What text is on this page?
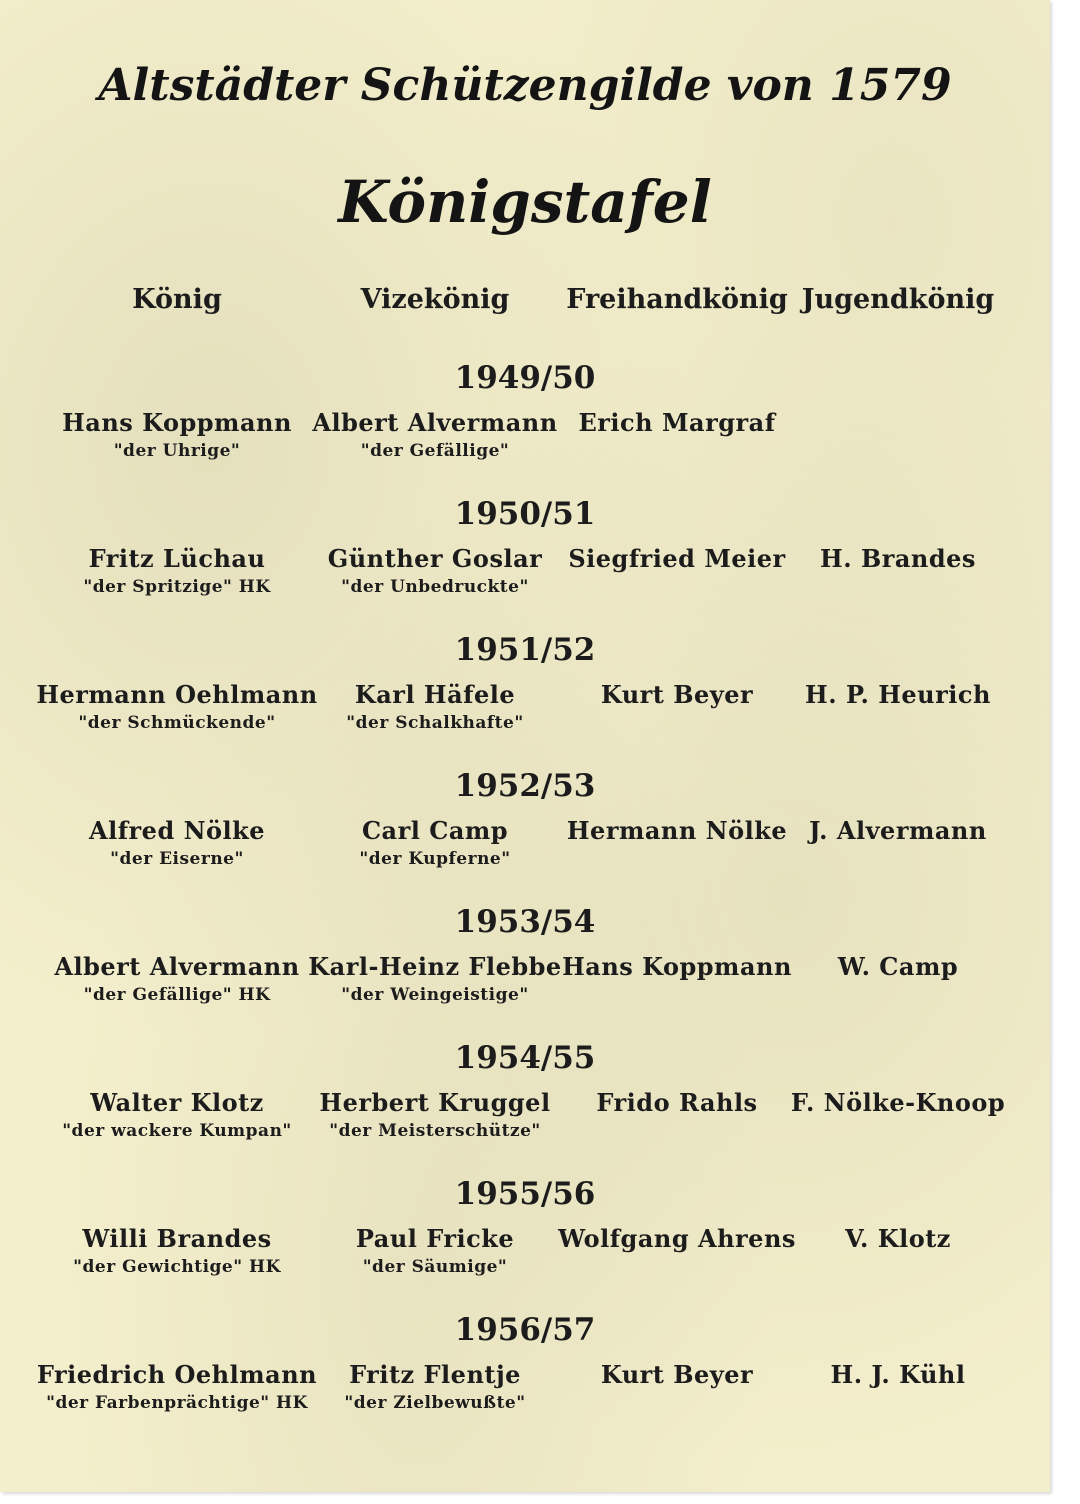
Altstädter Schützengilde von 1579
Königstafel
König	Vizekönig Freihandkönig Jugendkönig
1949/50
Hans Koppmann
"der Uhrige"
Albert Alvermann
"der Gefällige"
Erich Margraf
1950/51
Fritz Lüchau
"der Spritzige" HK
Günther Goslar
"der Unbedruckte"
Siegfried Meier H. Brandes
1951/52
Hermann Oehlmann
"der Schmückende"
Karl Häfele
"der Schalkhafte"
Kurt Beyer H. P. Heurich
1952/53
Alfred Nölke
"der Eiserne"
Carl Camp
"der Kupferne"
Hermann Nölke J. Alvermann
1953/54
Albert Alvermann
"der Gefällige" HK
Karl-Heinz Flebbe
"der Weingeistige"
Hans Koppmann W. Camp
1954/55
Walter Klotz
"der wackere Kumpan"
Herbert Kruggel
"der Meisterschütze"
Frido Rahls F. Nölke-Knoop
1955/56
Willi Brandes
"der Gewichtige" HK
Paul Fricke
"der Säumige"
Wolfgang Ahrens V. Klotz
1956/57
Friedrich Oehlmann
"der Farbenprächtige" HK
Fritz Flentje
"der Zielbewußte"
Kurt Beyer	H. J. Kühl
